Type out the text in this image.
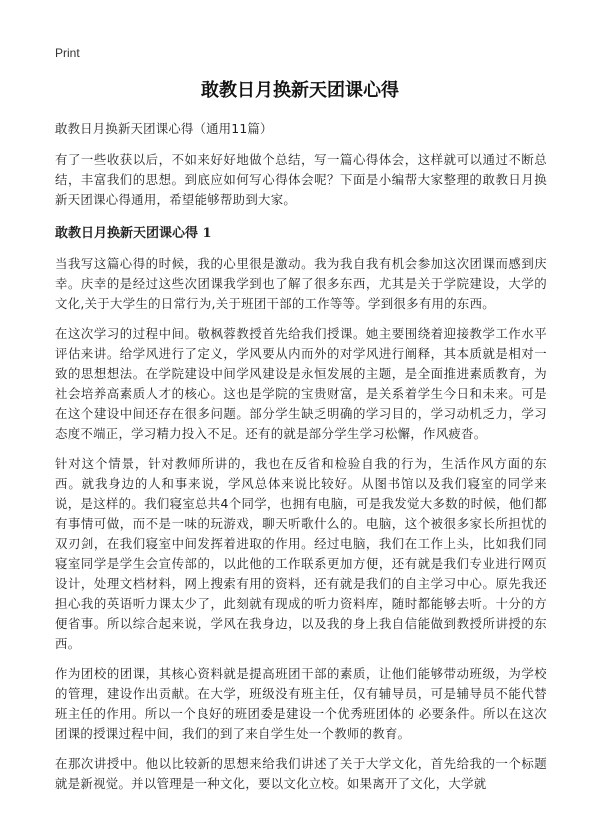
Print
敢教日月换新天团课心得

敢教日月换新天团课心得（通用11篇）

有了一些收获以后，不如来好好地做个总结，写一篇心得体会，这样就可以通过不断总结，丰富我们的思想。到底应如何写心得体会呢？下面是小编帮大家整理的敢教日月换新天团课心得通用，希望能够帮助到大家。

敢教日月换新天团课心得 1

当我写这篇心得的时候，我的心里很是激动。我为我自我有机会参加这次团课而感到庆幸。庆幸的是经过这些次团课我学到也了解了很多东西，尤其是关于学院建设，大学的文化,关于大学生的日常行为,关于班团干部的工作等等。学到很多有用的东西。

在这次学习的过程中间。敬枫蓉教授首先给我们授课。她主要围绕着迎接教学工作水平评估来讲。给学风进行了定义，学风要从内而外的对学风进行阐释，其本质就是相对一致的思想想法。在学院建设中间学风建设是永恒发展的主题，是全面推进素质教育，为社会培养高素质人才的核心。这也是学院的宝贵财富，是关系着学生今日和未来。可是在这个建设中间还存在很多问题。部分学生缺乏明确的学习目的，学习动机乏力，学习态度不端正，学习精力投入不足。还有的就是部分学生学习松懈，作风疲沓。

针对这个情景，针对教师所讲的，我也在反省和检验自我的行为，生活作风方面的东西。就我身边的人和事来说，学风总体来说比较好。从图书馆以及我们寝室的同学来说，是这样的。我们寝室总共4个同学，也拥有电脑，可是我发觉大多数的时候，他们都有事情可做，而不是一味的玩游戏，聊天听歌什么的。电脑，这个被很多家长所担忧的双刃剑，在我们寝室中间发挥着进取的作用。经过电脑，我们在工作上头，比如我们同寝室同学是学生会宣传部的，以此他的工作联系更加方便，还有就是我们专业进行网页设计，处理文档材料，网上搜索有用的资料，还有就是我们的自主学习中心。原先我还担心我的英语听力课太少了，此刻就有现成的听力资料库，随时都能够去听。十分的方便省事。所以综合起来说，学风在我身边，以及我的身上我自信能做到教授所讲授的东西。

作为团校的团课，其核心资料就是提高班团干部的素质，让他们能够带动班级，为学校的管理，建设作出贡献。在大学，班级没有班主任，仅有辅导员，可是辅导员不能代替班主任的作用。所以一个良好的班团委是建设一个优秀班团体的 必要条件。所以在这次团课的授课过程中间，我们的到了来自学生处一个教师的教育。

在那次讲授中。他以比较新的思想来给我们讲述了关于大学文化，首先给我的一个标题就是新视觉。并以管理是一种文化，要以文化立校。如果离开了文化，大学就
